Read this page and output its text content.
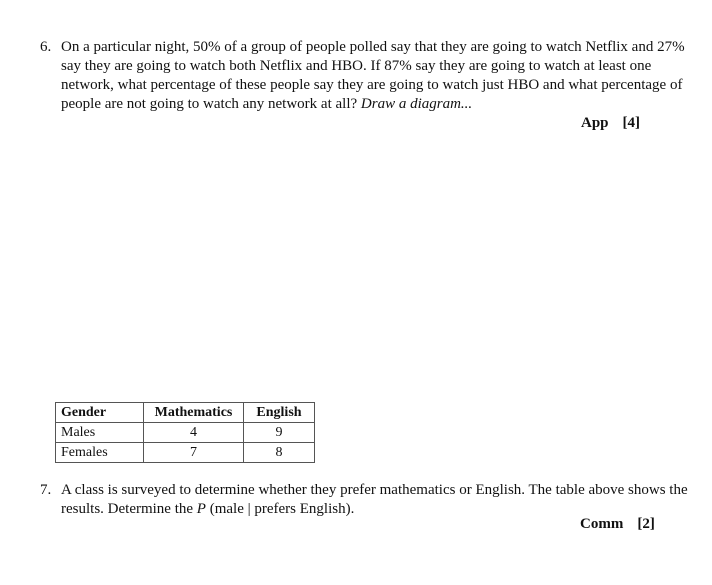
6. On a particular night, 50% of a group of people polled say that they are going to watch Netflix and 27% say they are going to watch both Netflix and HBO. If 87% say they are going to watch at least one network, what percentage of these people say they are going to watch just HBO and what percentage of people are not going to watch any network at all? Draw a diagram...
App [4]
Gender	Mathematics	English
Males	4	9
Females	7	8
7. A class is surveyed to determine whether they prefer mathematics or English. The table above shows the results. Determine the P (male | prefers English).
Comm [2]
